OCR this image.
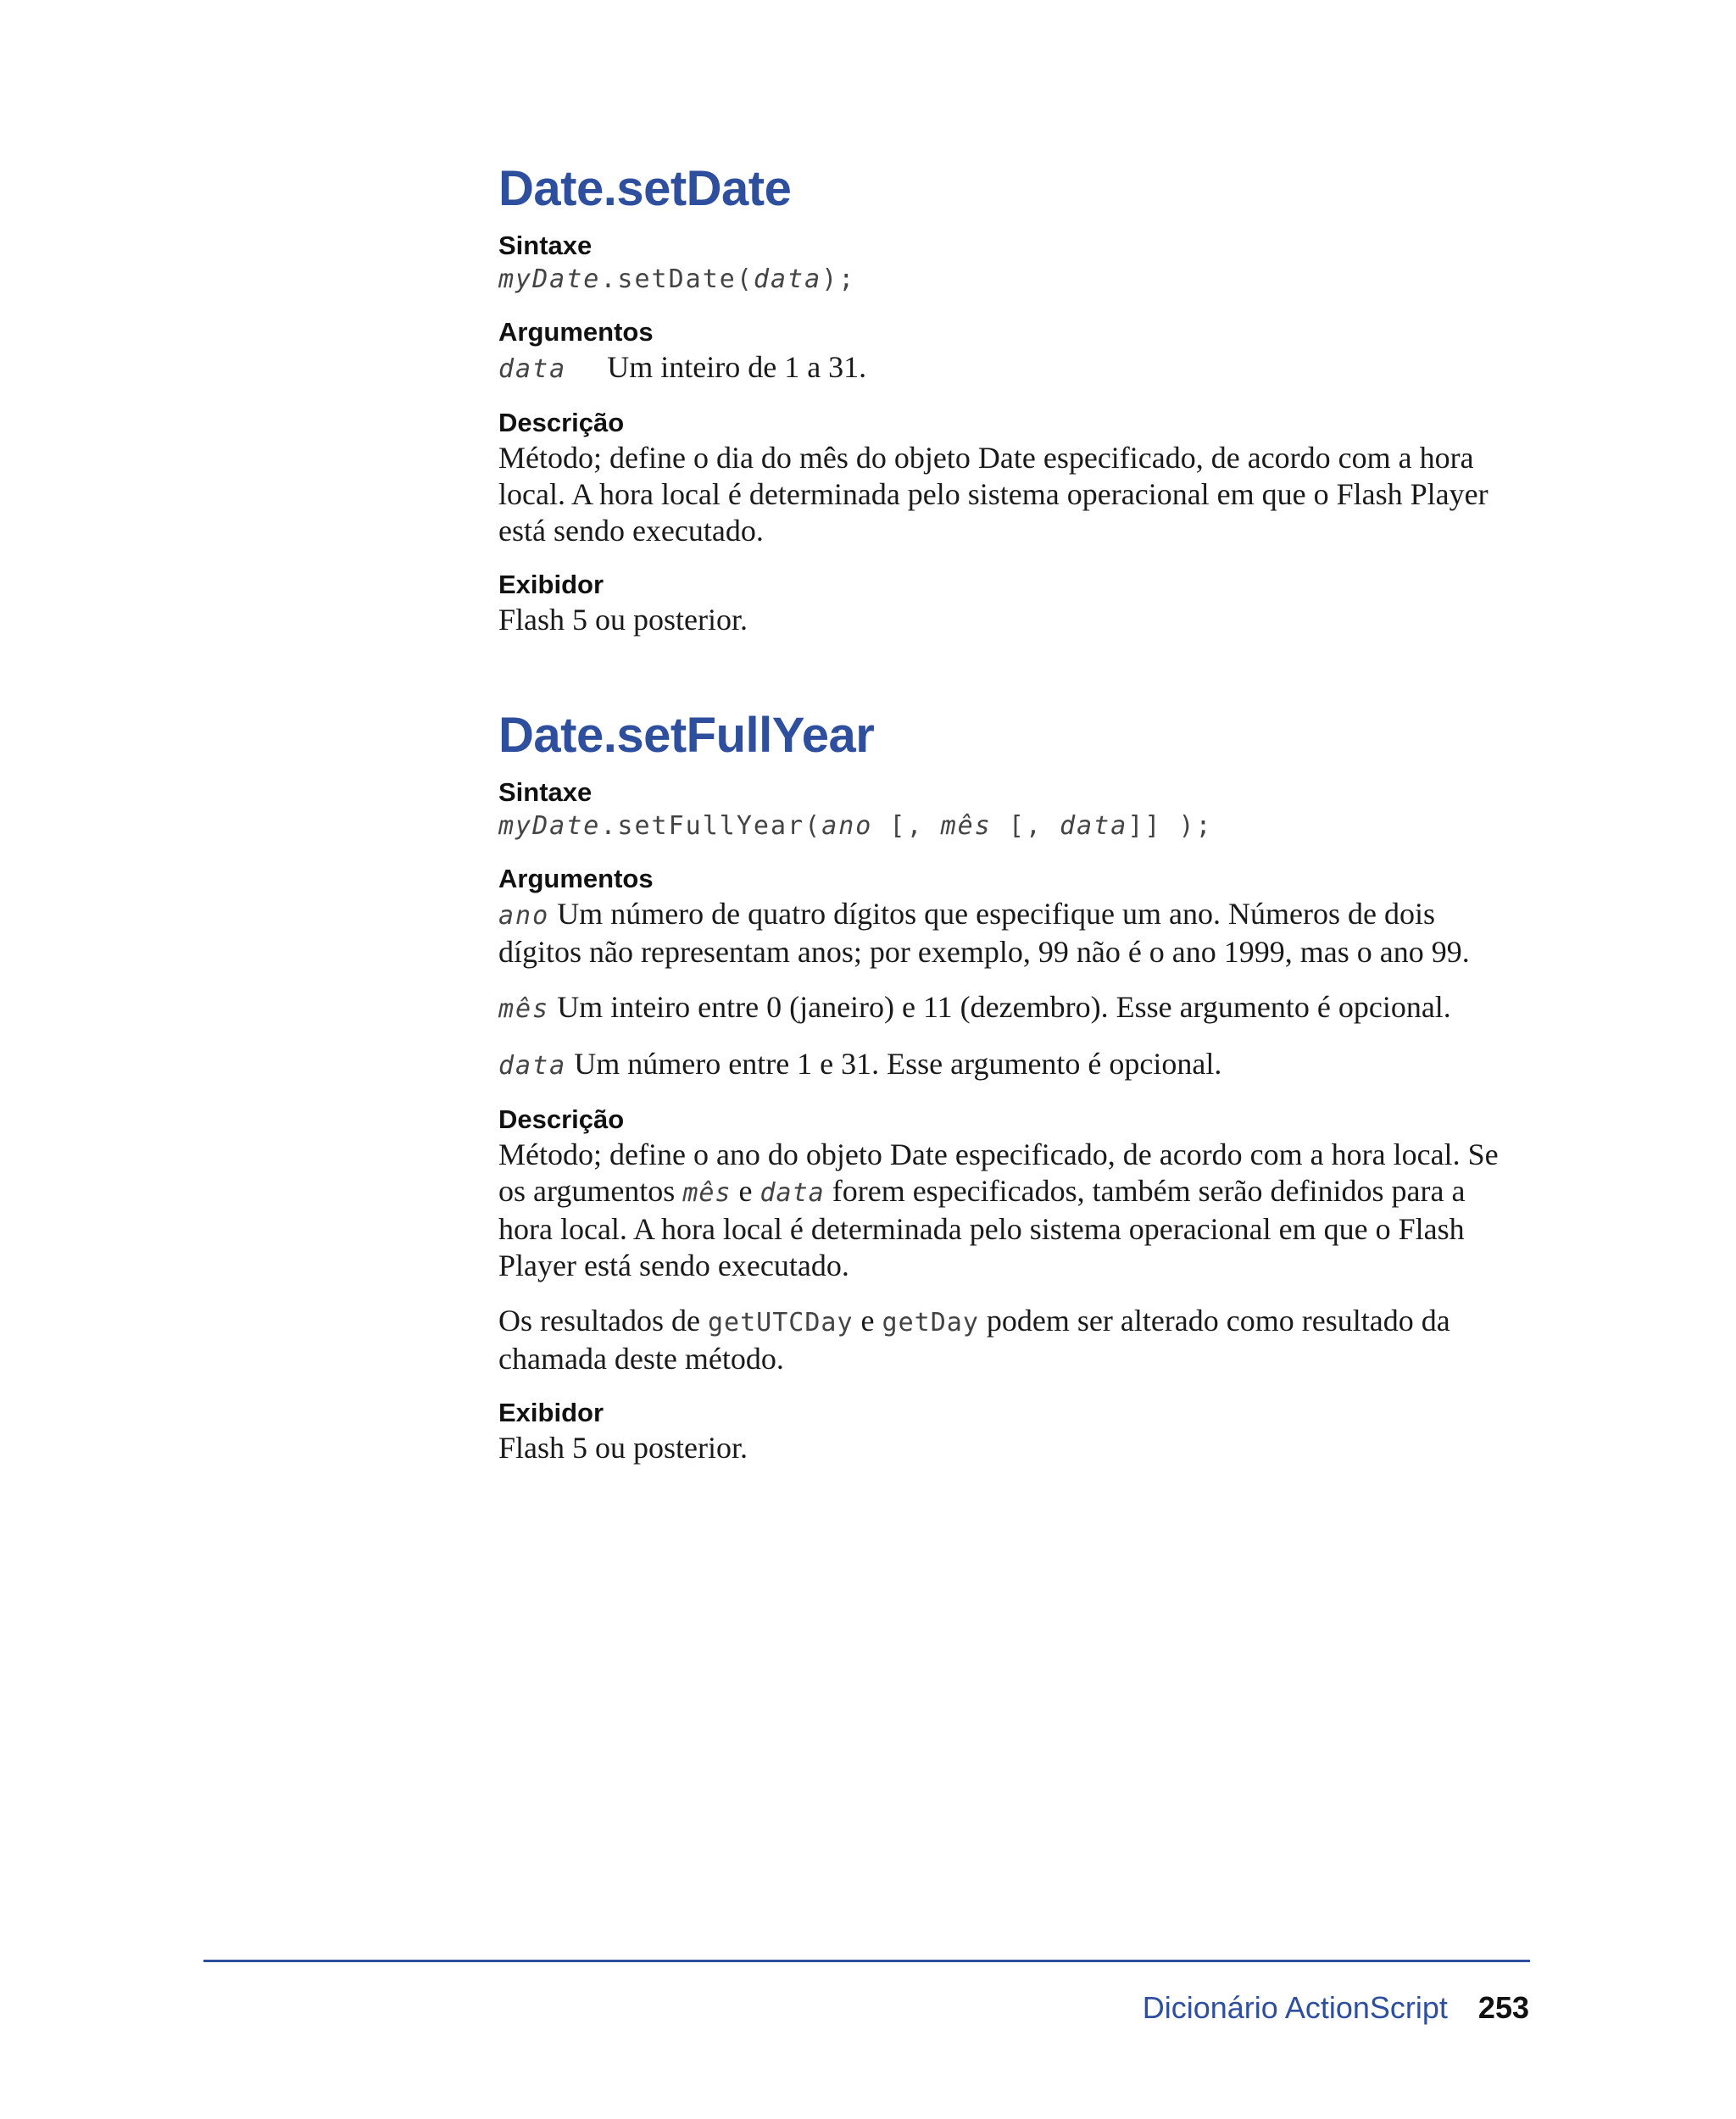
Date.setDate

Sintaxe

myDate.setDate(data);

Argumentos

data Um inteiro de 1 a 31.

Descrição

Método; define o dia do mês do objeto Date especificado, de acordo com a hora local. A hora local é determinada pelo sistema operacional em que o Flash Player está sendo executado.

Exibidor

Flash 5 ou posterior.

Date.setFullYear

Sintaxe

myDate.setFullYear(ano [, mês [, data]] );

Argumentos

ano Um número de quatro dígitos que especifique um ano. Números de dois dígitos não representam anos; por exemplo, 99 não é o ano 1999, mas o ano 99.

mês Um inteiro entre 0 (janeiro) e 11 (dezembro). Esse argumento é opcional.

data Um número entre 1 e 31. Esse argumento é opcional.

Descrição

Método; define o ano do objeto Date especificado, de acordo com a hora local. Se os argumentos mês e data forem especificados, também serão definidos para a hora local. A hora local é determinada pelo sistema operacional em que o Flash Player está sendo executado.

Os resultados de getUTCDay e getDay podem ser alterado como resultado da chamada deste método.

Exibidor

Flash 5 ou posterior.

Dicionário ActionScript 253
